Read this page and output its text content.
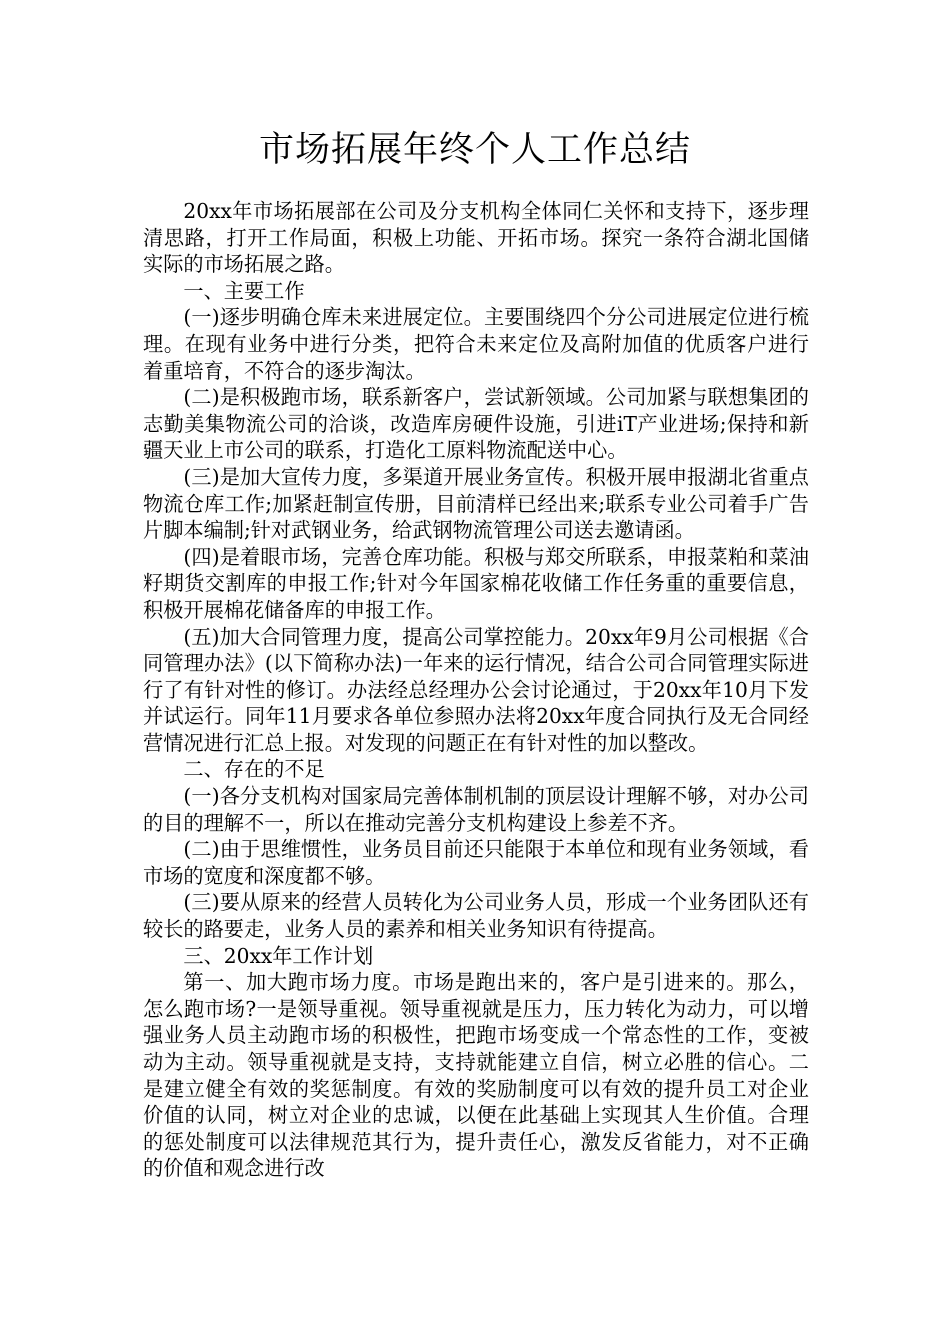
市场拓展年终个人工作总结

20xx年市场拓展部在公司及分支机构全体同仁关怀和支持下，逐步理清思路，打开工作局面，积极上功能、开拓市场。探究一条符合湖北国储实际的市场拓展之路。

一、主要工作

(一)逐步明确仓库未来进展定位。主要围绕四个分公司进展定位进行梳理。在现有业务中进行分类，把符合未来定位及高附加值的优质客户进行着重培育，不符合的逐步淘汰。

(二)是积极跑市场，联系新客户，尝试新领域。公司加紧与联想集团的志勤美集物流公司的洽谈，改造库房硬件设施，引进iT产业进场;保持和新疆天业上市公司的联系，打造化工原料物流配送中心。

(三)是加大宣传力度，多渠道开展业务宣传。积极开展申报湖北省重点物流仓库工作;加紧赶制宣传册，目前清样已经出来;联系专业公司着手广告片脚本编制;针对武钢业务，给武钢物流管理公司送去邀请函。

(四)是着眼市场，完善仓库功能。积极与郑交所联系，申报菜粕和菜油籽期货交割库的申报工作;针对今年国家棉花收储工作任务重的重要信息，积极开展棉花储备库的申报工作。

(五)加大合同管理力度，提高公司掌控能力。20xx年9月公司根据《合同管理办法》(以下简称办法)一年来的运行情况，结合公司合同管理实际进行了有针对性的修订。办法经总经理办公会讨论通过，于20xx年10月下发并试运行。同年11月要求各单位参照办法将20xx年度合同执行及无合同经营情况进行汇总上报。对发现的问题正在有针对性的加以整改。

二、存在的不足

(一)各分支机构对国家局完善体制机制的顶层设计理解不够，对办公司的目的理解不一，所以在推动完善分支机构建设上参差不齐。

(二)由于思维惯性，业务员目前还只能限于本单位和现有业务领域，看市场的宽度和深度都不够。

(三)要从原来的经营人员转化为公司业务人员，形成一个业务团队还有较长的路要走，业务人员的素养和相关业务知识有待提高。

三、20xx年工作计划

第一、加大跑市场力度。市场是跑出来的，客户是引进来的。那么，怎么跑市场?一是领导重视。领导重视就是压力，压力转化为动力，可以增强业务人员主动跑市场的积极性，把跑市场变成一个常态性的工作，变被动为主动。领导重视就是支持，支持就能建立自信，树立必胜的信心。二是建立健全有效的奖惩制度。有效的奖励制度可以有效的提升员工对企业价值的认同，树立对企业的忠诚，以便在此基础上实现其人生价值。合理的惩处制度可以法律规范其行为，提升责任心，激发反省能力，对不正确的价值和观念进行改
